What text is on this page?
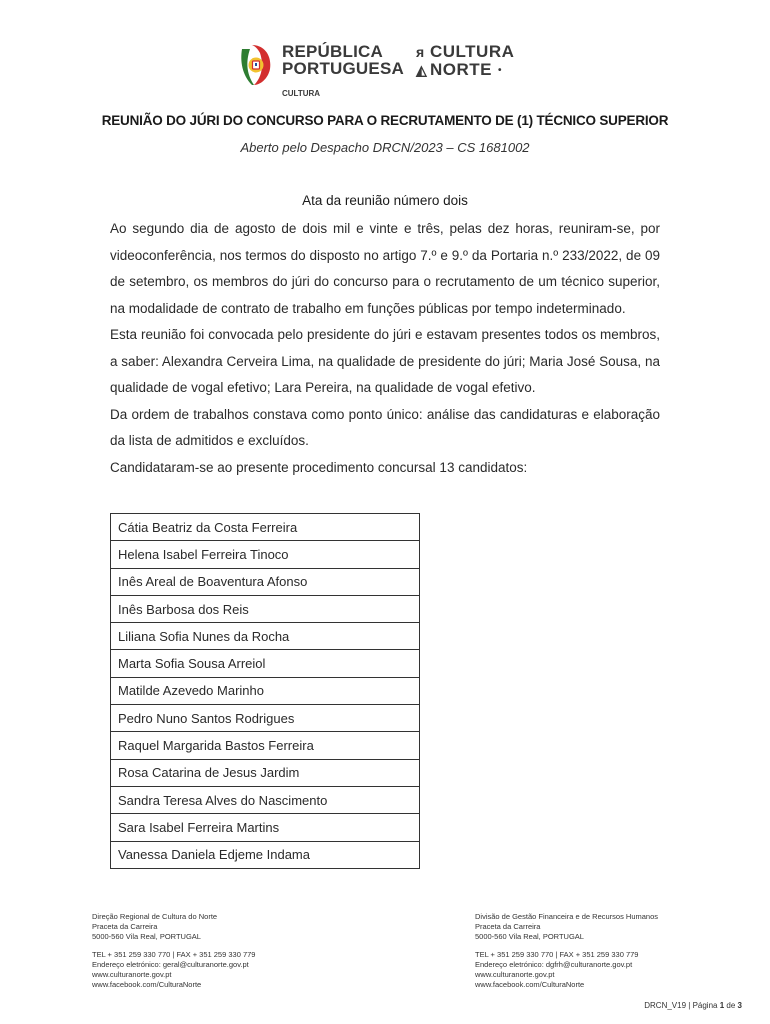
REPÚBLICA
PORTUGUESA
CULTURA
ᴙ CULTURA
◭ NORTE •
REUNIÃO DO JÚRI DO CONCURSO PARA O RECRUTAMENTO DE (1) TÉCNICO SUPERIOR
Aberto pelo Despacho DRCN/2023 – CS 1681002
Ata da reunião número dois

Ao segundo dia de agosto de dois mil e vinte e três, pelas dez horas, reuniram-se, por videoconferência, nos termos do disposto no artigo 7.º e 9.º da Portaria n.º 233/2022, de 09 de setembro, os membros do júri do concurso para o recrutamento de um técnico superior, na modalidade de contrato de trabalho em funções públicas por tempo indeterminado.

Esta reunião foi convocada pelo presidente do júri e estavam presentes todos os membros, a saber: Alexandra Cerveira Lima, na qualidade de presidente do júri; Maria José Sousa, na qualidade de vogal efetivo; Lara Pereira, na qualidade de vogal efetivo.

Da ordem de trabalhos constava como ponto único: análise das candidaturas e elaboração da lista de admitidos e excluídos.

Candidataram-se ao presente procedimento concursal 13 candidatos:

Cátia Beatriz da Costa Ferreira
Helena Isabel Ferreira Tinoco
Inês Areal de Boaventura Afonso
Inês Barbosa dos Reis
Liliana Sofia Nunes da Rocha
Marta Sofia Sousa Arreiol
Matilde Azevedo Marinho
Pedro Nuno Santos Rodrigues
Raquel Margarida Bastos Ferreira
Rosa Catarina de Jesus Jardim
Sandra Teresa Alves do Nascimento
Sara Isabel Ferreira Martins
Vanessa Daniela Edjeme Indama
Direção Regional de Cultura do Norte
Praceta da Carreira
5000-560 Vila Real, PORTUGAL
TEL + 351 259 330 770 | FAX + 351 259 330 779
Endereço eletrónico: geral@culturanorte.gov.pt
www.culturanorte.gov.pt
www.facebook.com/CulturaNorte
Divisão de Gestão Financeira e de Recursos Humanos
Praceta da Carreira
5000-560 Vila Real, PORTUGAL
TEL + 351 259 330 770 | FAX + 351 259 330 779
Endereço eletrónico: dgfrh@culturanorte.gov.pt
www.culturanorte.gov.pt
www.facebook.com/CulturaNorte
DRCN_V19 | Página 1 de 3
